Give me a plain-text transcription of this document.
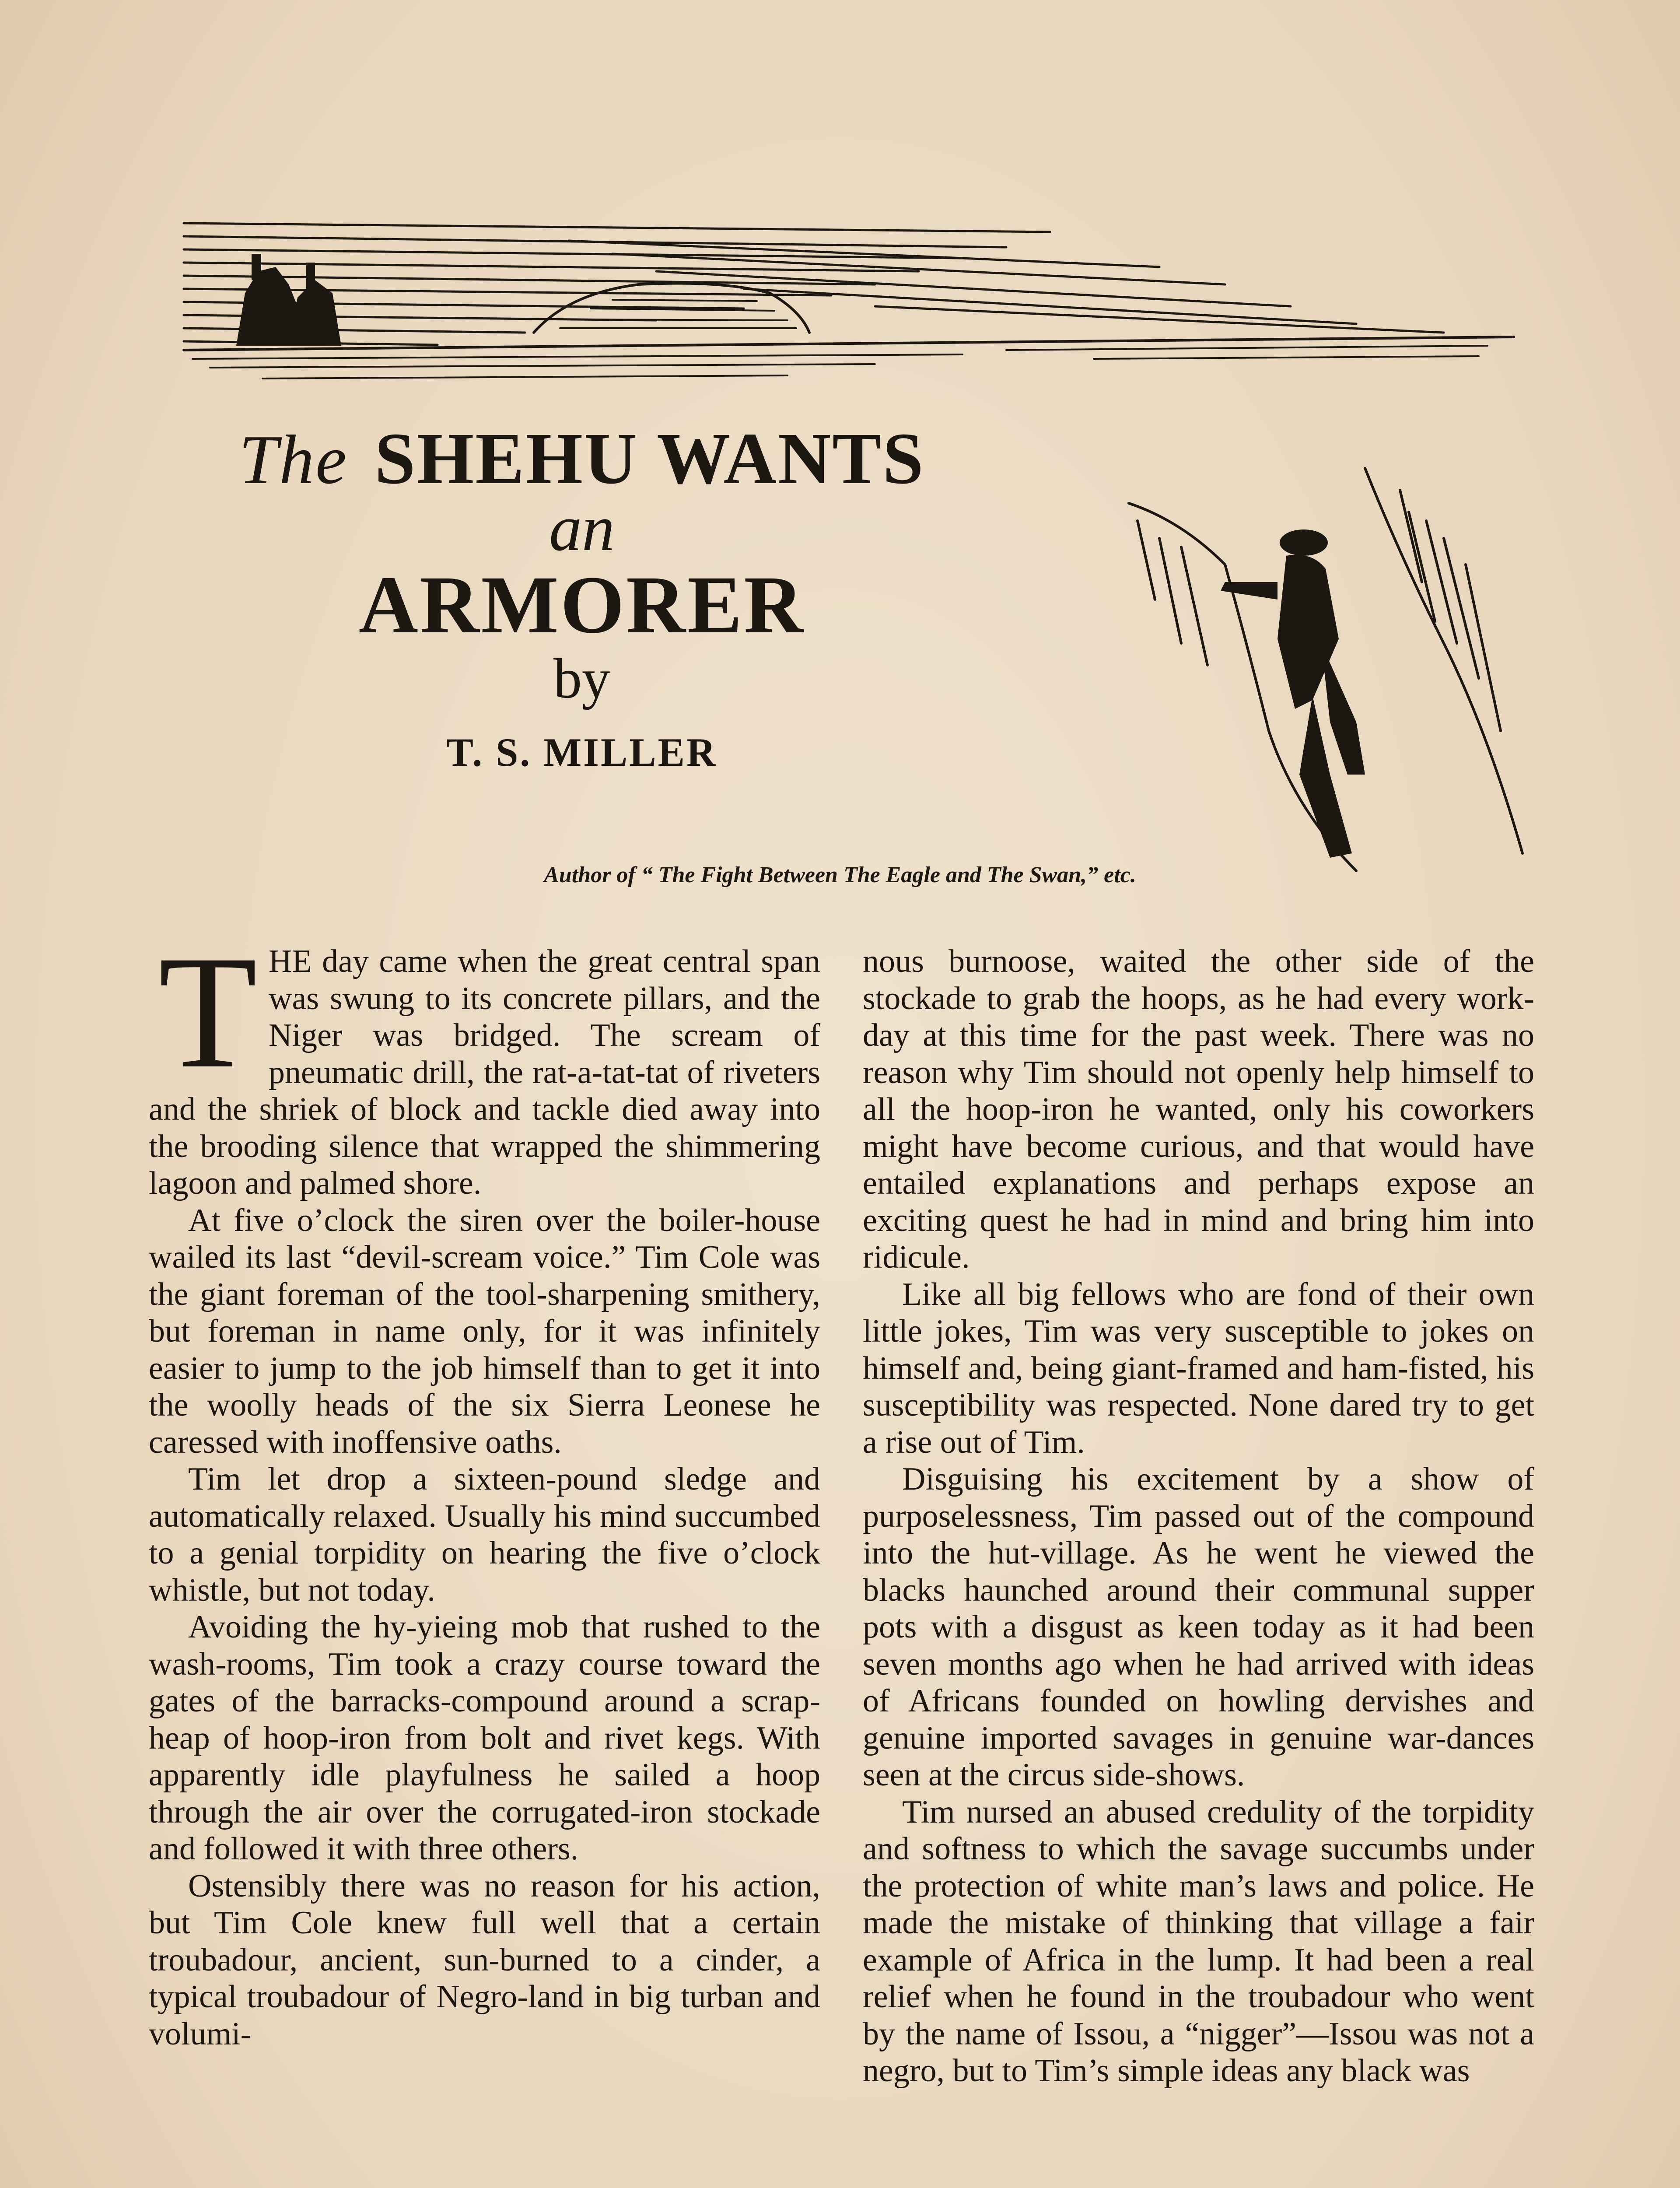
The SHEHU WANTS
an
ARMORER
by
T. S. MILLER
Author of “ The Fight Between The Eagle and The Swan,” etc.
T HE day came when the great central span was swung to its concrete pillars, and the Niger was bridged. The scream of pneumatic drill, the rat-a-tat-tat of riveters and the shriek of block and tackle died away into the brooding silence that wrapped the shimmering lagoon and palmed shore.

At five o’clock the siren over the boiler-house wailed its last “devil-scream voice.” Tim Cole was the giant foreman of the tool-sharpening smithery, but foreman in name only, for it was infinitely easier to jump to the job himself than to get it into the woolly heads of the six Sierra Leonese he caressed with inoffensive oaths.

Tim let drop a sixteen-pound sledge and automatically relaxed. Usually his mind succumbed to a genial torpidity on hearing the five o’clock whistle, but not today.

Avoiding the hy-yieing mob that rushed to the wash-rooms, Tim took a crazy course toward the gates of the barracks-compound around a scrap-heap of hoop-iron from bolt and rivet kegs. With apparently idle playfulness he sailed a hoop through the air over the corrugated-iron stockade and followed it with three others.

Ostensibly there was no reason for his action, but Tim Cole knew full well that a certain troubadour, ancient, sun-burned to a cinder, a typical troubadour of Negro-land in big turban and volumi-

nous burnoose, waited the other side of the stockade to grab the hoops, as he had every work-day at this time for the past week. There was no reason why Tim should not openly help himself to all the hoop-iron he wanted, only his coworkers might have become curious, and that would have entailed explanations and perhaps expose an exciting quest he had in mind and bring him into ridicule.

Like all big fellows who are fond of their own little jokes, Tim was very susceptible to jokes on himself and, being giant-framed and ham-fisted, his susceptibility was respected. None dared try to get a rise out of Tim.

Disguising his excitement by a show of purposelessness, Tim passed out of the compound into the hut-village. As he went he viewed the blacks haunched around their communal supper pots with a disgust as keen today as it had been seven months ago when he had arrived with ideas of Africans founded on howling dervishes and genuine imported savages in genuine war-dances seen at the circus side-shows.

Tim nursed an abused credulity of the torpidity and softness to which the savage succumbs under the protection of white man’s laws and police. He made the mistake of thinking that village a fair example of Africa in the lump. It had been a real relief when he found in the troubadour who went by the name of Issou, a “nigger”—Issou was not a negro, but to Tim’s simple ideas any black was
